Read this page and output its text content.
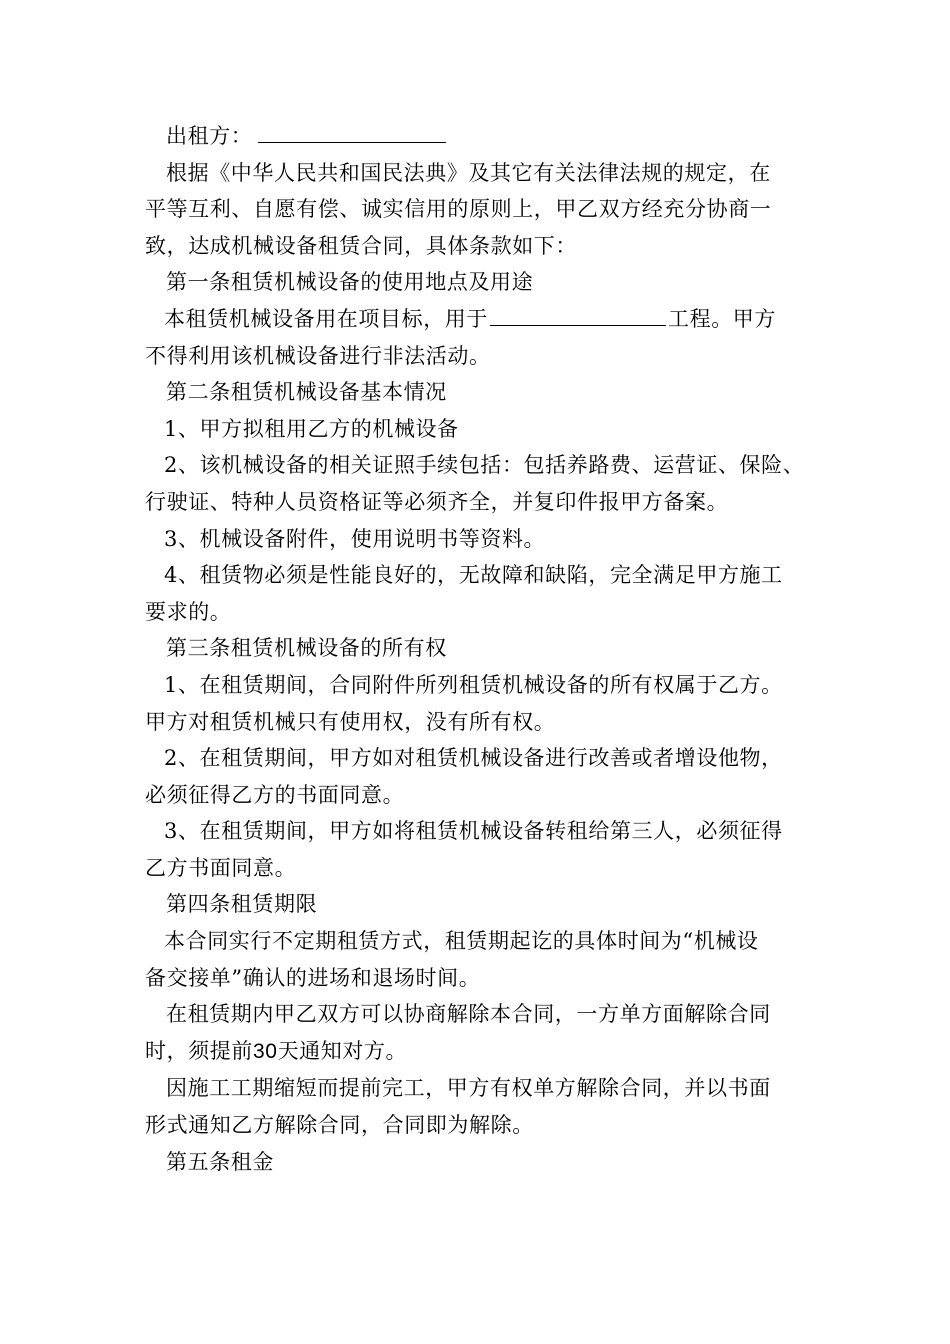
出租方：
根据《中华人民共和国民法典》及其它有关法律法规的规定，在
平等互利、自愿有偿、诚实信用的原则上，甲乙双方经充分协商一
致，达成机械设备租赁合同，具体条款如下：
第一条租赁机械设备的使用地点及用途
本租赁机械设备用在项目标，用于	工程。甲方
不得利用该机械设备进行非法活动。
第二条租赁机械设备基本情况
1、甲方拟租用乙方的机械设备
2、该机械设备的相关证照手续包括：包括养路费、运营证、保险、
行驶证、特种人员资格证等必须齐全，并复印件报甲方备案。
3、机械设备附件，使用说明书等资料。
4、租赁物必须是性能良好的，无故障和缺陷，完全满足甲方施工
要求的。
第三条租赁机械设备的所有权
1、在租赁期间，合同附件所列租赁机械设备的所有权属于乙方。
甲方对租赁机械只有使用权，没有所有权。
2、在租赁期间，甲方如对租赁机械设备进行改善或者增设他物，
必须征得乙方的书面同意。
3、在租赁期间，甲方如将租赁机械设备转租给第三人，必须征得
乙方书面同意。
第四条租赁期限
本合同实行不定期租赁方式，租赁期起讫的具体时间为“机械设
备交接单”确认的进场和退场时间。
在租赁期内甲乙双方可以协商解除本合同，一方单方面解除合同
时，须提前30天通知对方。
因施工工期缩短而提前完工，甲方有权单方解除合同，并以书面
形式通知乙方解除合同，合同即为解除。
第五条租金
